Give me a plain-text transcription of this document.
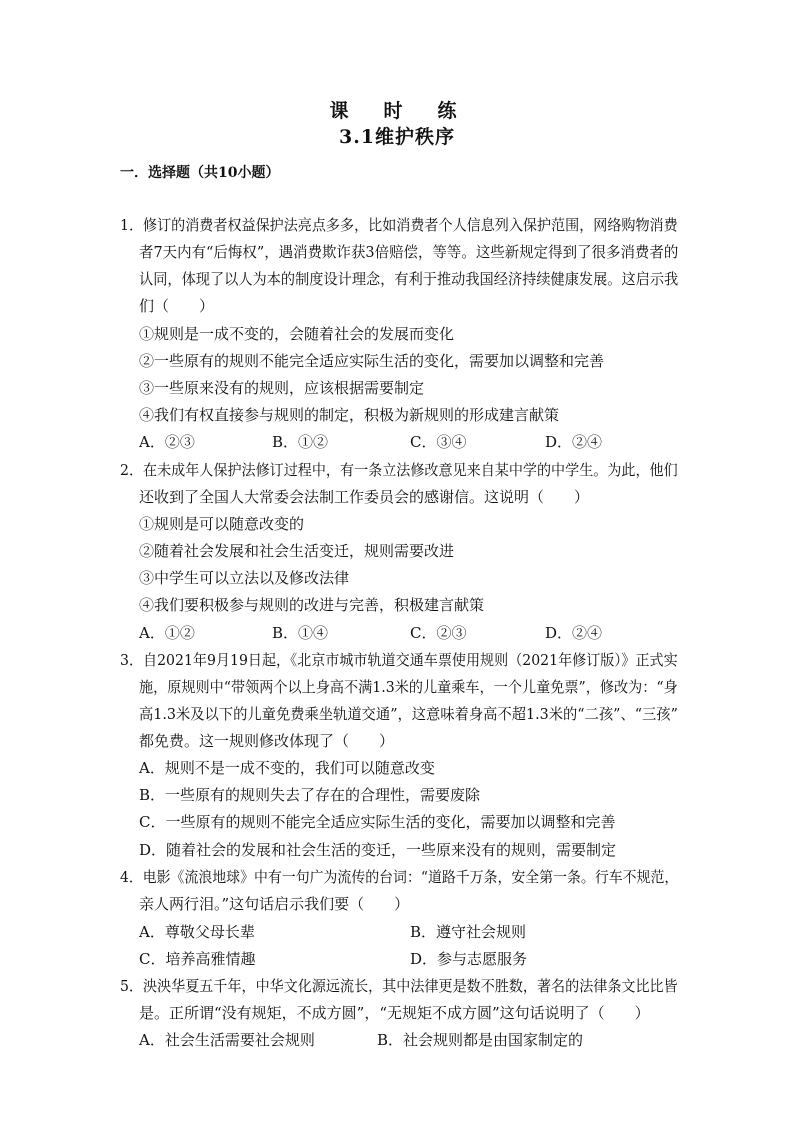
课　时　练
3.1维护秩序
一．选择题（共10小题）
1．修订的消费者权益保护法亮点多多，比如消费者个人信息列入保护范围，网络购物消费
者7天内有“后悔权”，遇消费欺诈获3倍赔偿，等等。这些新规定得到了很多消费者的
认同，体现了以人为本的制度设计理念，有利于推动我国经济持续健康发展。这启示我
们（　　）
①规则是一成不变的，会随着社会的发展而变化
②一些原有的规则不能完全适应实际生活的变化，需要加以调整和完善
③一些原来没有的规则，应该根据需要制定
④我们有权直接参与规则的制定，积极为新规则的形成建言献策
A．②③	B．①②	C．③④	D．②④
2．在未成年人保护法修订过程中，有一条立法修改意见来自某中学的中学生。为此，他们
还收到了全国人大常委会法制工作委员会的感谢信。这说明（　　）
①规则是可以随意改变的
②随着社会发展和社会生活变迁，规则需要改进
③中学生可以立法以及修改法律
④我们要积极参与规则的改进与完善，积极建言献策
A．①②	B．①④	C．②③	D．②④
3．自2021年9月19日起，《北京市城市轨道交通车票使用规则（2021年修订版）》正式实
施，原规则中“带领两个以上身高不满1.3米的儿童乘车，一个儿童免票”，修改为：“身
高1.3米及以下的儿童免费乘坐轨道交通”，这意味着身高不超1.3米的“二孩”、“三孩”
都免费。这一规则修改体现了（　　）
A．规则不是一成不变的，我们可以随意改变
B．一些原有的规则失去了存在的合理性，需要废除
C．一些原有的规则不能完全适应实际生活的变化，需要加以调整和完善
D．随着社会的发展和社会生活的变迁，一些原来没有的规则，需要制定
4．电影《流浪地球》中有一句广为流传的台词：“道路千万条，安全第一条。行车不规范，
亲人两行泪。”这句话启示我们要（　　）
A．尊敬父母长辈	B．遵守社会规则
C．培养高雅情趣	D．参与志愿服务
5．泱泱华夏五千年，中华文化源远流长，其中法律更是数不胜数，著名的法律条文比比皆
是。正所谓“没有规矩，不成方圆”，“无规矩不成方圆”这句话说明了（　　）
A．社会生活需要社会规则	B．社会规则都是由国家制定的
